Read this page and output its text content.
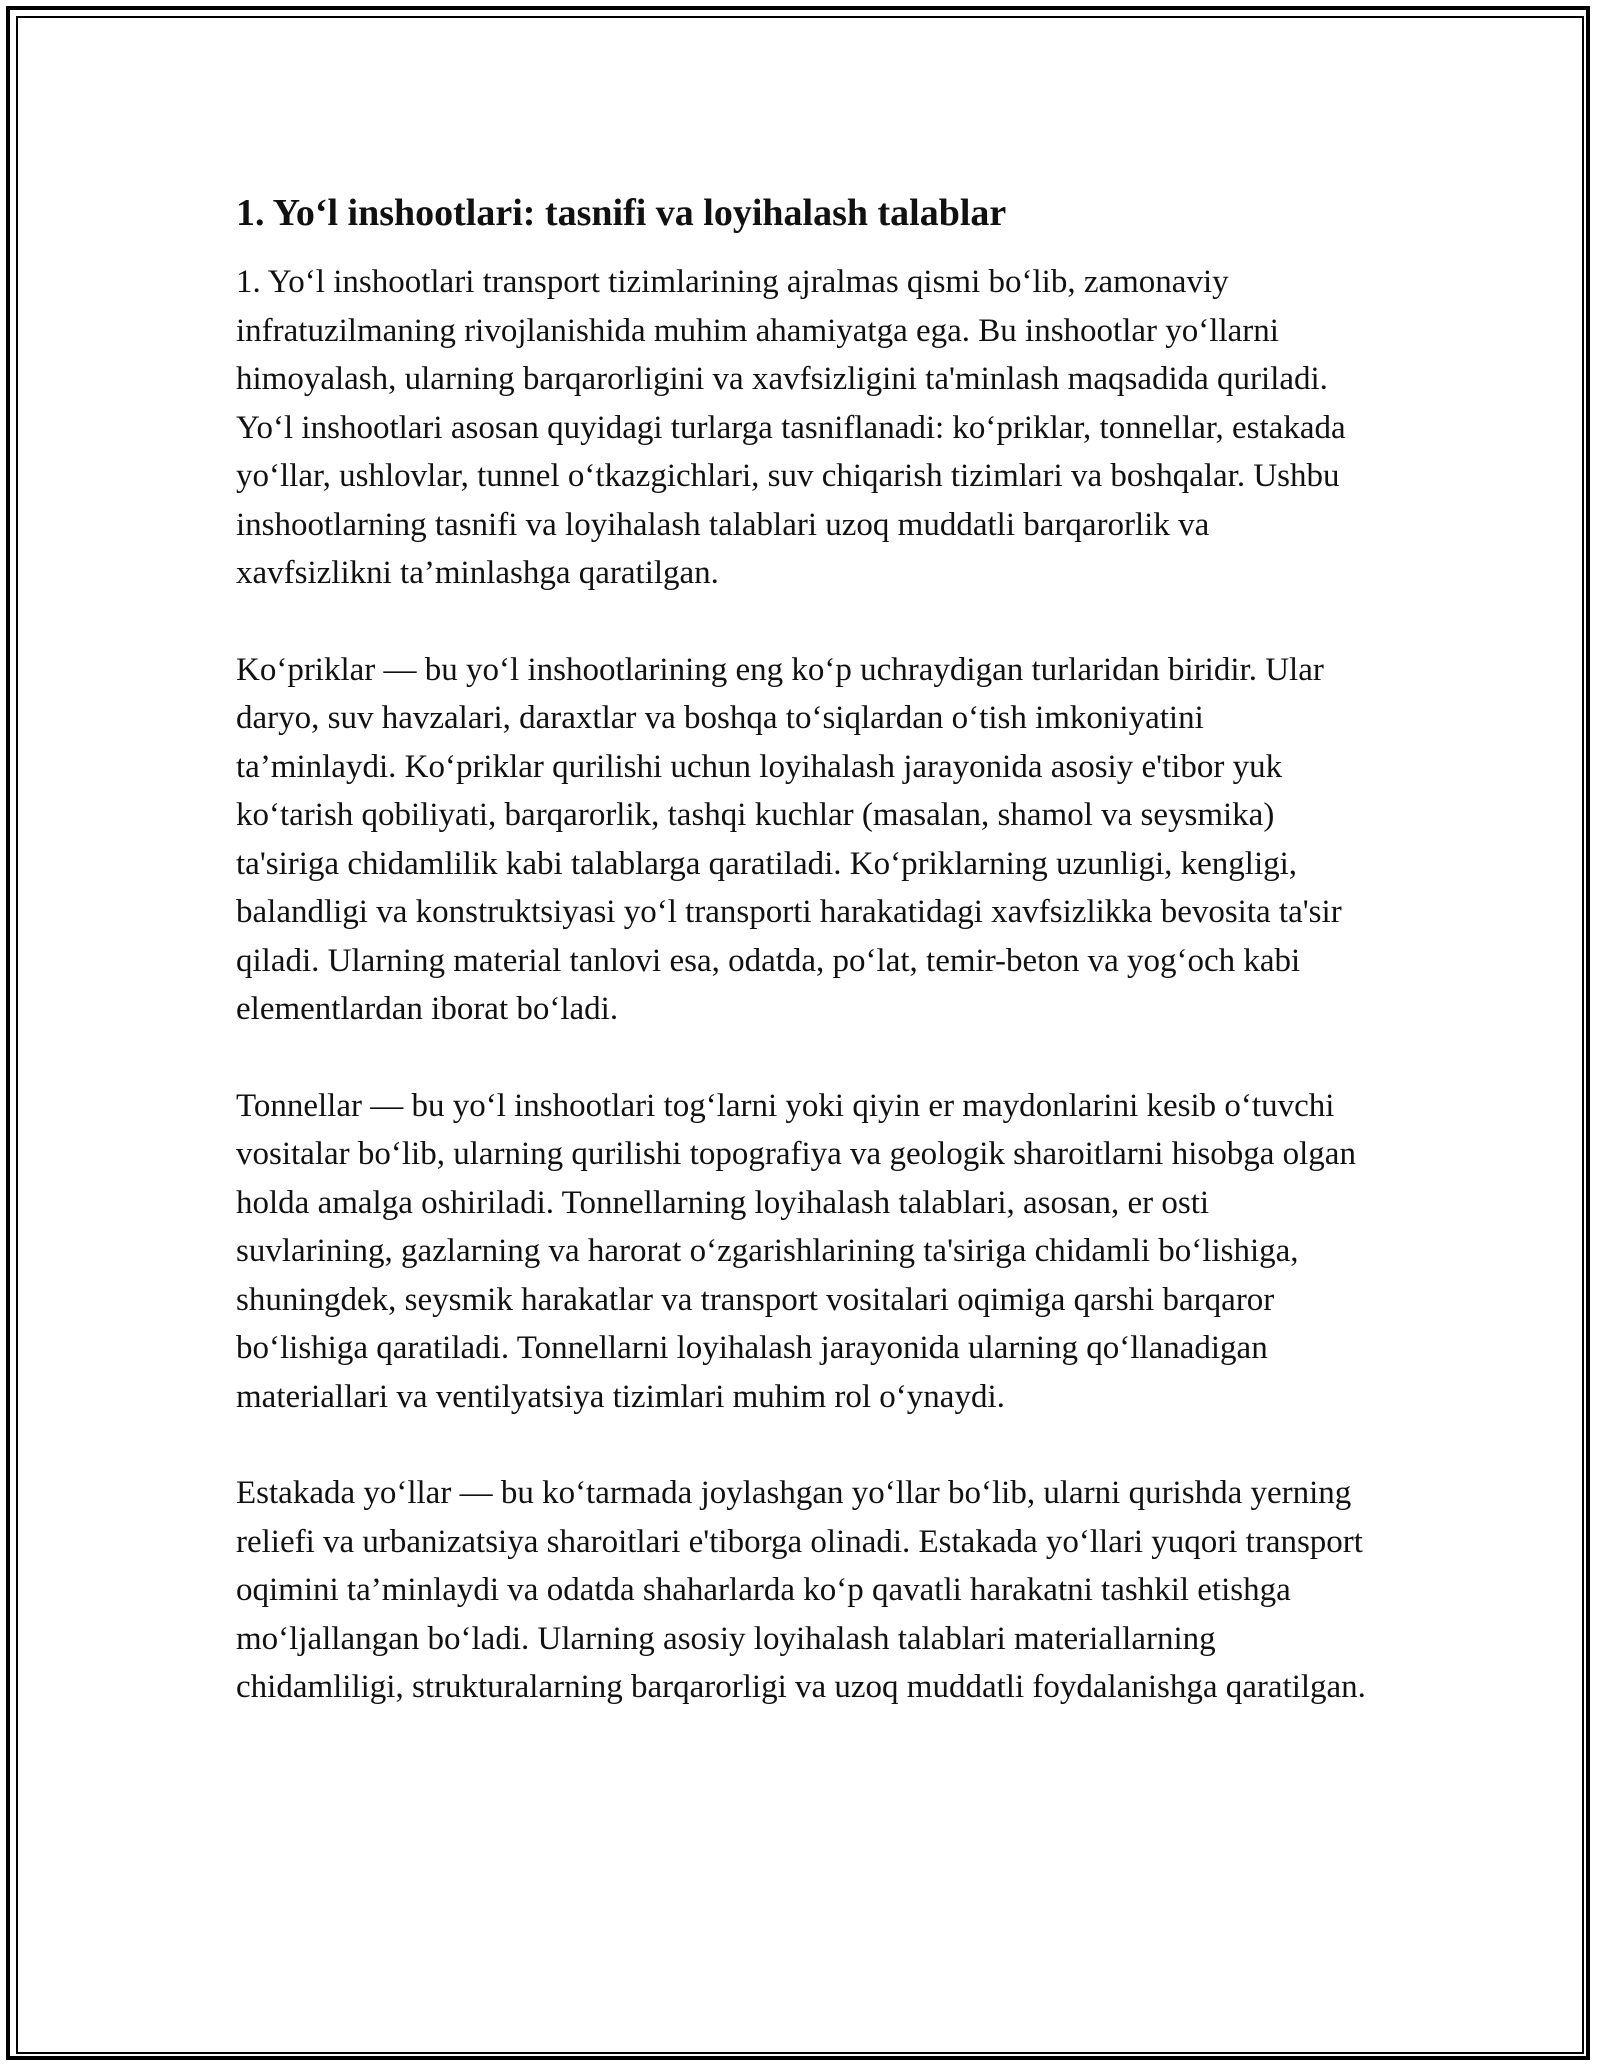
1. Yo‘l inshootlari: tasnifi va loyihalash talablar

1. Yo‘l inshootlari transport tizimlarining ajralmas qismi bo‘lib, zamonaviy infratuzilmaning rivojlanishida muhim ahamiyatga ega. Bu inshootlar yo‘llarni himoyalash, ularning barqarorligini va xavfsizligini ta'minlash maqsadida quriladi. Yo‘l inshootlari asosan quyidagi turlarga tasniflanadi: ko‘priklar, tonnellar, estakada yo‘llar, ushlovlar, tunnel o‘tkazgichlari, suv chiqarish tizimlari va boshqalar. Ushbu inshootlarning tasnifi va loyihalash talablari uzoq muddatli barqarorlik va xavfsizlikni ta’minlashga qaratilgan.

Ko‘priklar — bu yo‘l inshootlarining eng ko‘p uchraydigan turlaridan biridir. Ular daryo, suv havzalari, daraxtlar va boshqa to‘siqlardan o‘tish imkoniyatini ta’minlaydi. Ko‘priklar qurilishi uchun loyihalash jarayonida asosiy e'tibor yuk ko‘tarish qobiliyati, barqarorlik, tashqi kuchlar (masalan, shamol va seysmika) ta'siriga chidamlilik kabi talablarga qaratiladi. Ko‘priklarning uzunligi, kengligi, balandligi va konstruktsiyasi yo‘l transporti harakatidagi xavfsizlikka bevosita ta'sir qiladi. Ularning material tanlovi esa, odatda, po‘lat, temir-beton va yog‘och kabi elementlardan iborat bo‘ladi.

Tonnellar — bu yo‘l inshootlari tog‘larni yoki qiyin er maydonlarini kesib o‘tuvchi vositalar bo‘lib, ularning qurilishi topografiya va geologik sharoitlarni hisobga olgan holda amalga oshiriladi. Tonnellarning loyihalash talablari, asosan, er osti suvlarining, gazlarning va harorat o‘zgarishlarining ta'siriga chidamli bo‘lishiga, shuningdek, seysmik harakatlar va transport vositalari oqimiga qarshi barqaror bo‘lishiga qaratiladi. Tonnellarni loyihalash jarayonida ularning qo‘llanadigan materiallari va ventilyatsiya tizimlari muhim rol o‘ynaydi.

Estakada yo‘llar — bu ko‘tarmada joylashgan yo‘llar bo‘lib, ularni qurishda yerning reliefi va urbanizatsiya sharoitlari e'tiborga olinadi. Estakada yo‘llari yuqori transport oqimini ta’minlaydi va odatda shaharlarda ko‘p qavatli harakatni tashkil etishga mo‘ljallangan bo‘ladi. Ularning asosiy loyihalash talablari materiallarning chidamliligi, strukturalarning barqarorligi va uzoq muddatli foydalanishga qaratilgan.
